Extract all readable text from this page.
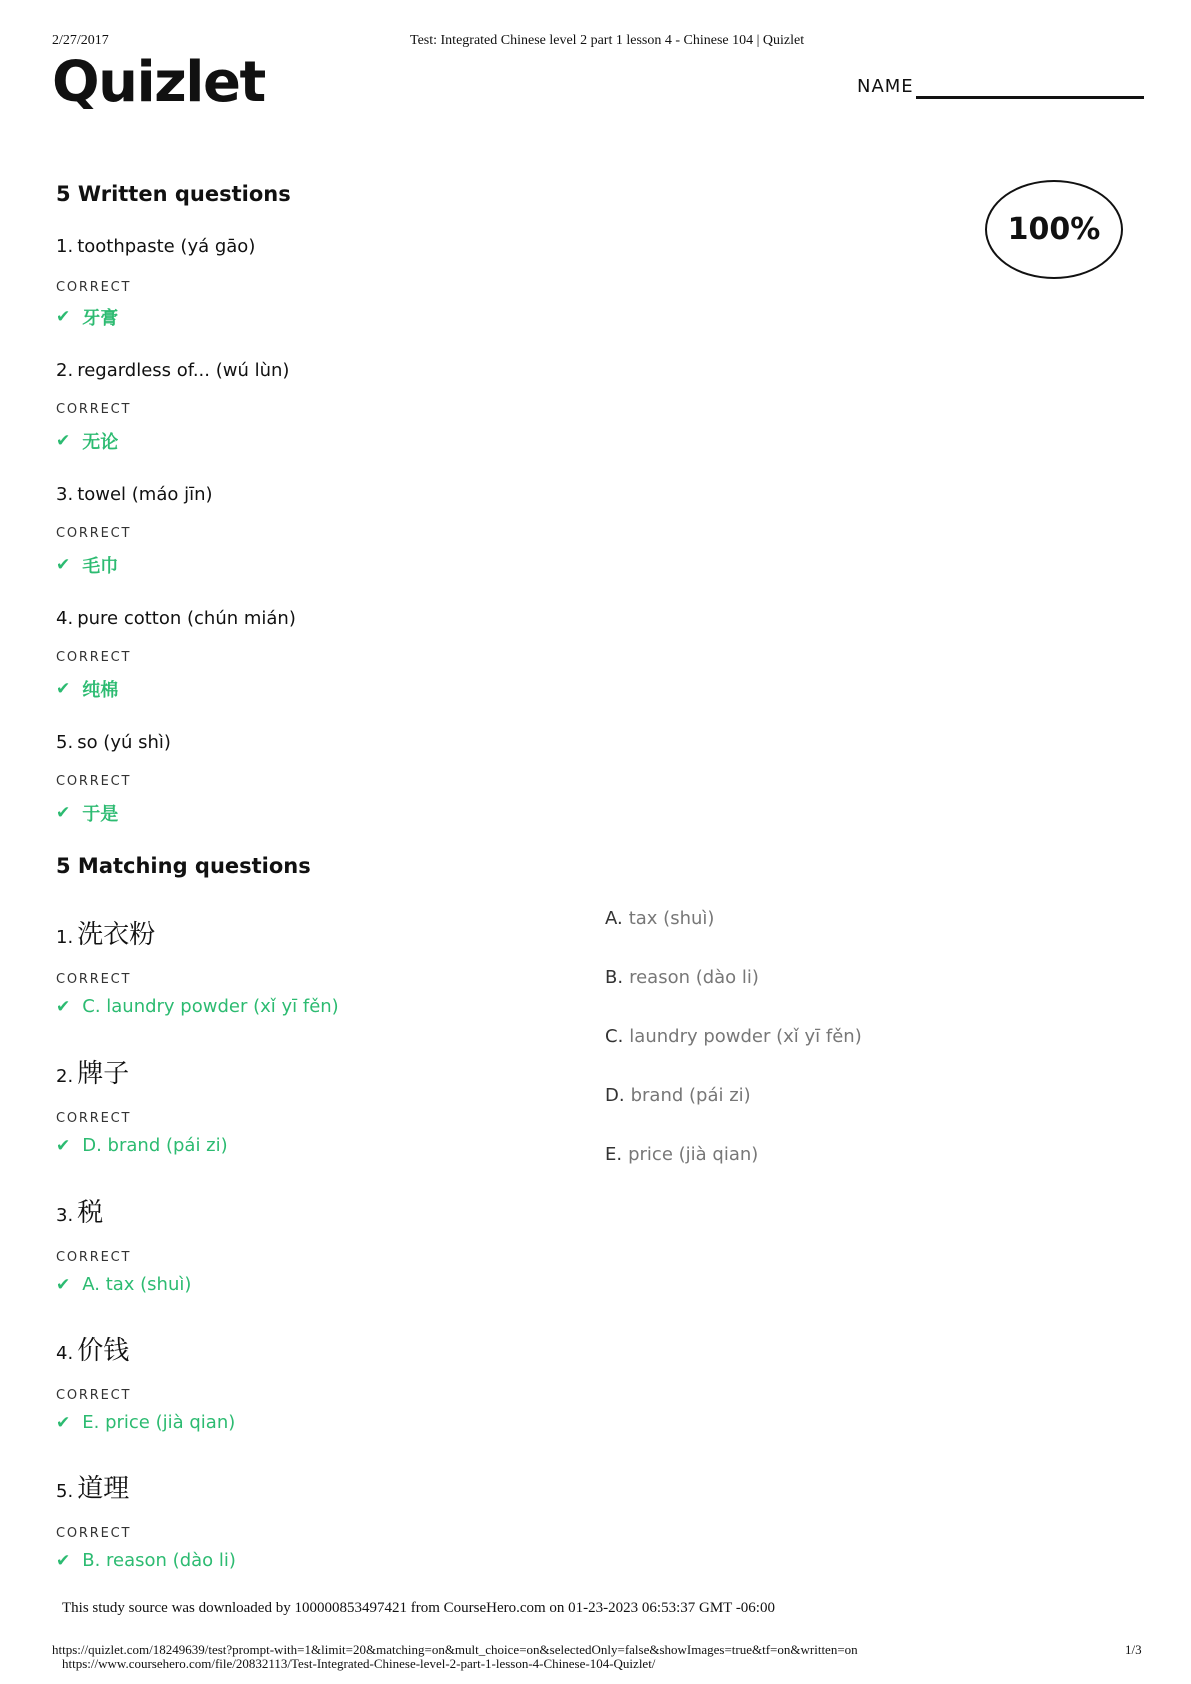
2/27/2017	Test: Integrated Chinese level 2 part 1 lesson 4 - Chinese 104 | Quizlet
Quizlet	NAME
100%
5 Written questions
1. toothpaste (yá gāo)
CORRECT
✔ 牙膏
2. regardless of... (wú lùn)
CORRECT
✔ 无论
3. towel (máo jīn)
CORRECT
✔ 毛巾
4. pure cotton (chún mián)
CORRECT
✔ 纯棉
5. so (yú shì)
CORRECT
✔ 于是
5 Matching questions
1. 洗衣粉
CORRECT
✔ C. laundry powder (xǐ yī fěn)
2. 牌子
CORRECT
✔ D. brand (pái zi)
3. 税
CORRECT
✔ A. tax (shuì)
4. 价钱
CORRECT
✔ E. price (jià qian)
5. 道理
CORRECT
✔ B. reason (dào li)
A. tax (shuì)
B. reason (dào li)
C. laundry powder (xǐ yī fěn)
D. brand (pái zi)
E. price (jià qian)
This study source was downloaded by 100000853497421 from CourseHero.com on 01-23-2023 06:53:37 GMT -06:00
https://quizlet.com/18249639/test?prompt-with=1&limit=20&matching=on&mult_choice=on&selectedOnly=false&showImages=true&tf=on&written=on
https://www.coursehero.com/file/20832113/Test-Integrated-Chinese-level-2-part-1-lesson-4-Chinese-104-Quizlet/
1/3
